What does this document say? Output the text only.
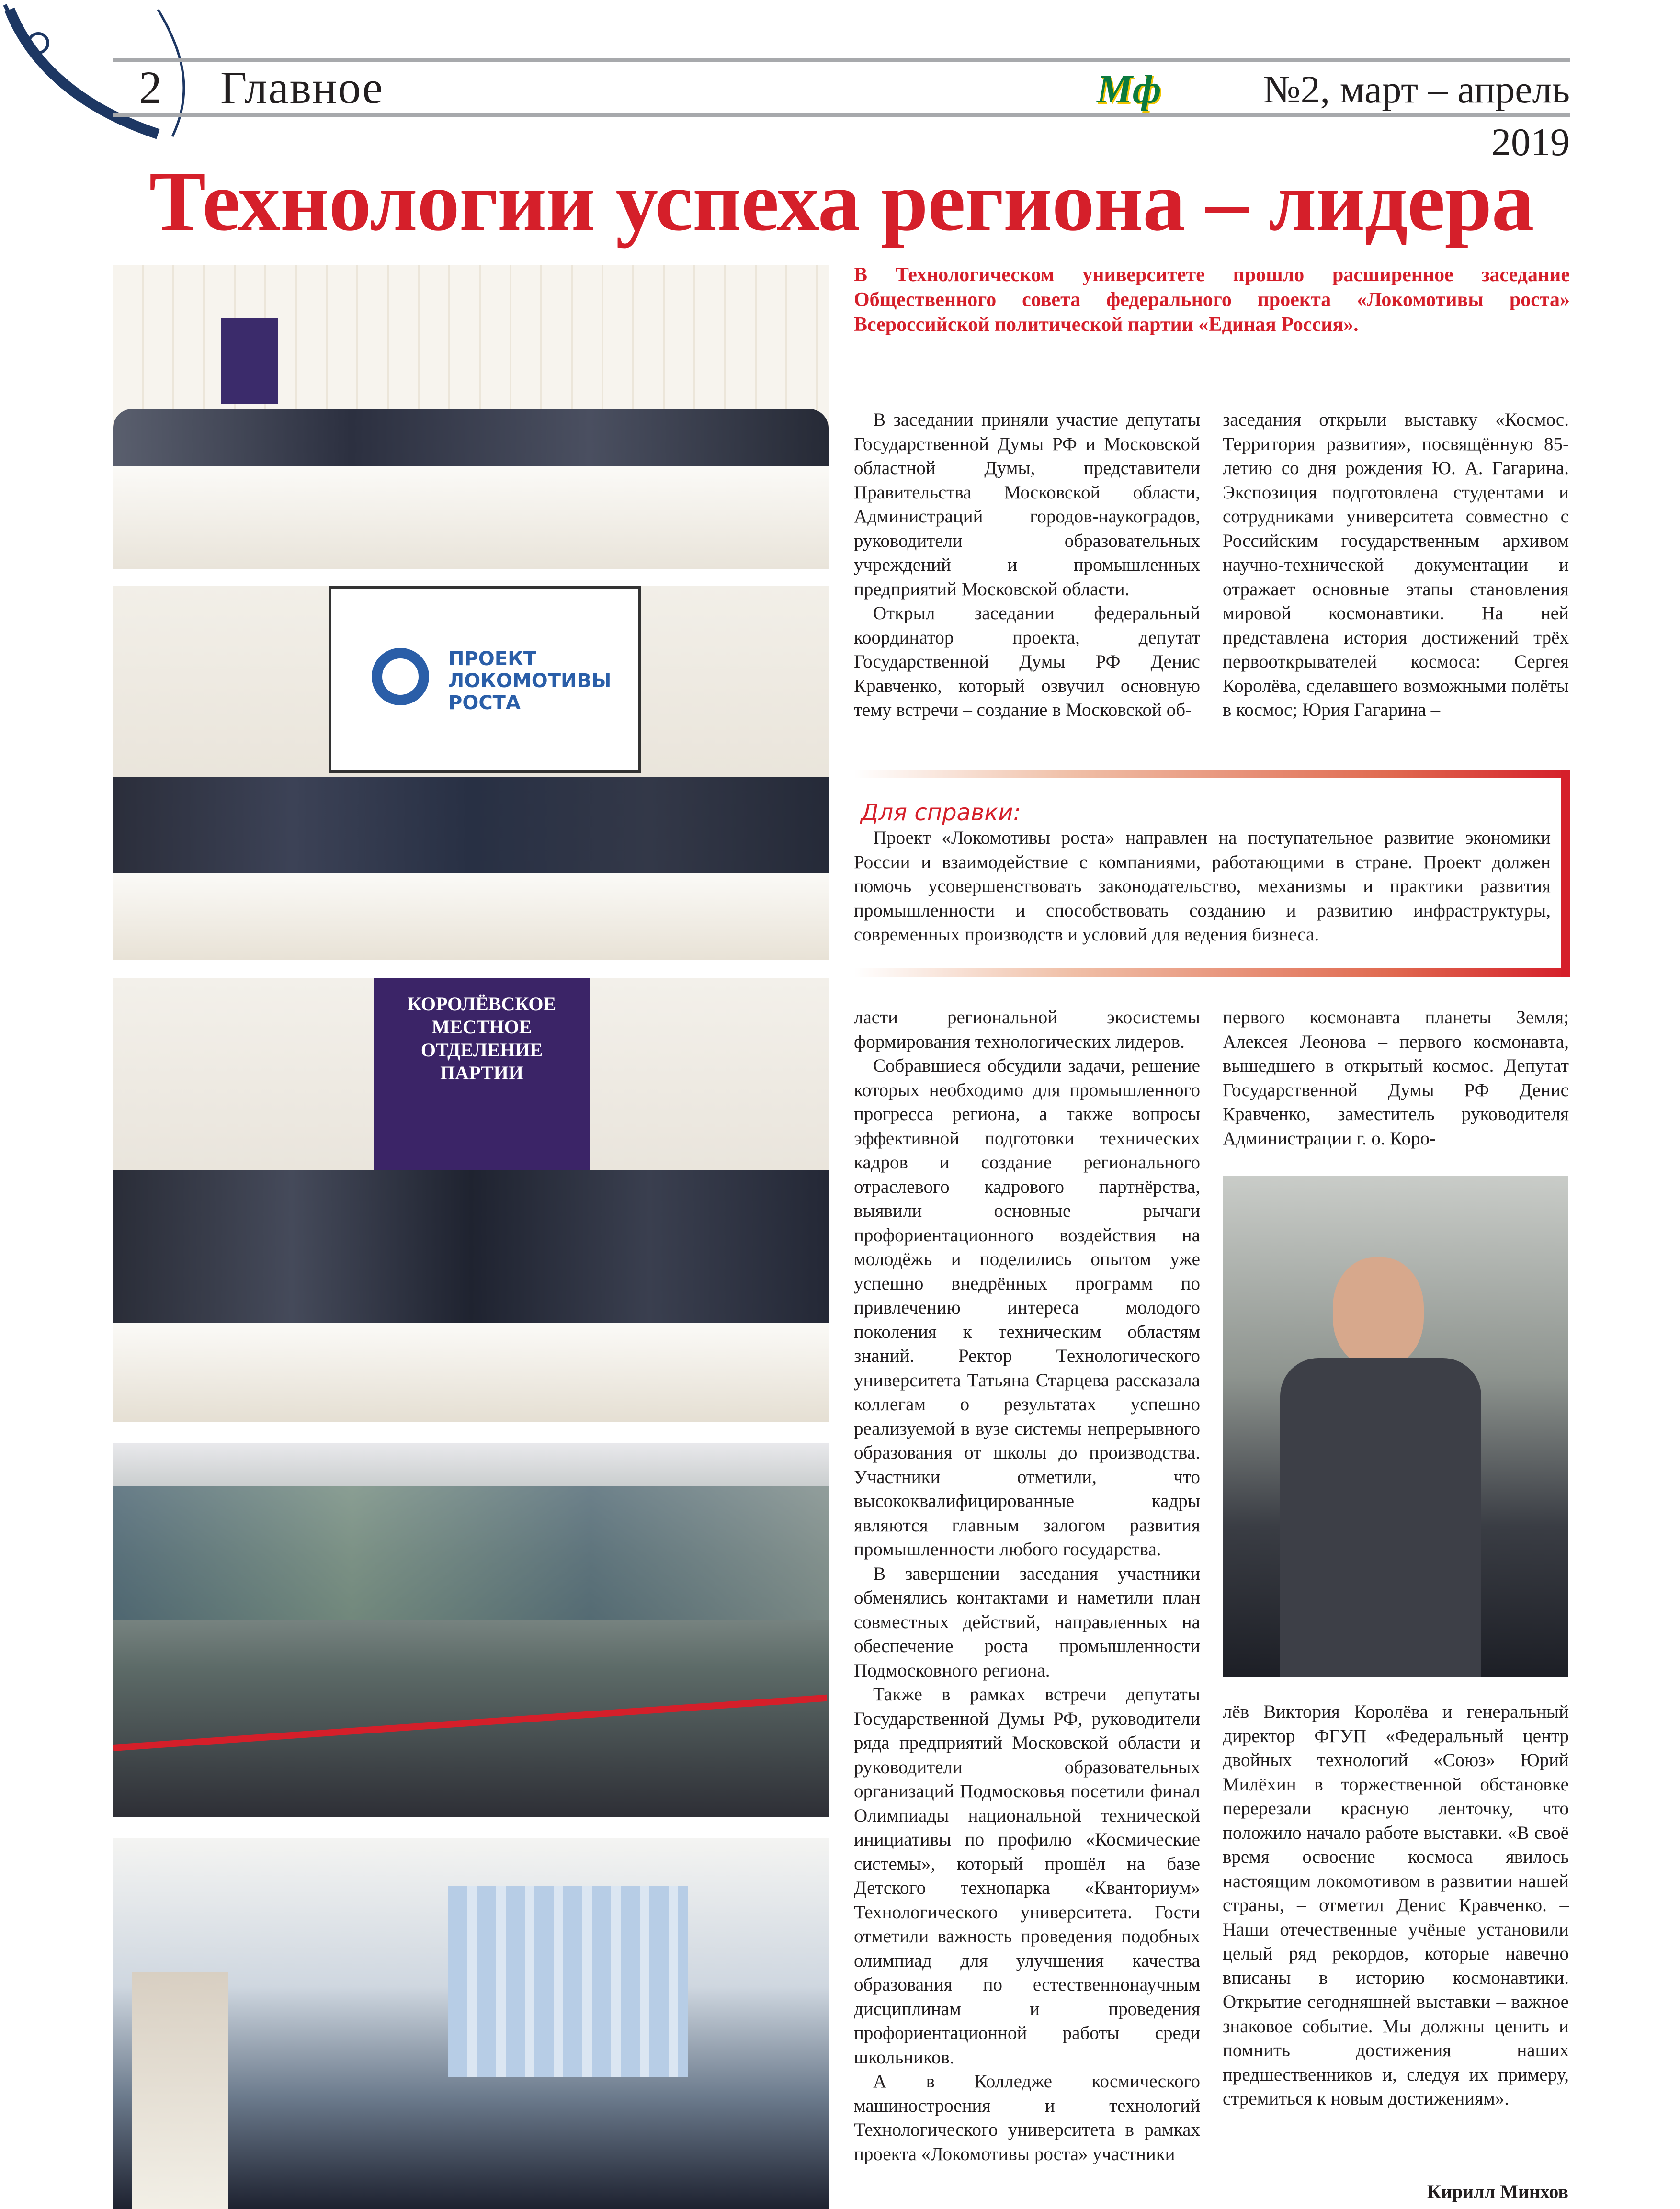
2 Главное	Мф	№2, март – апрель 2019
Технологии успеха региона – лидера
В Технологическом университете прошло расширенное заседание Общественного совета федерального проекта «Локомотивы роста» Всероссийской политической партии «Единая Россия».
ПРОЕКТ ЛОКОМОТИВЫ РОСТА
КОРОЛЁВСКОЕ МЕСТНОЕ ОТДЕЛЕНИЕ ПАРТИИ

В заседании приняли участие депутаты Государственной Думы РФ и Московской областной Думы, представители Правительства Московской области, Администраций городов-наукоградов, руководители образовательных учреждений и промышленных предприятий Московской области.

Открыл заседании федеральный координатор проекта, депутат Государственной Думы РФ Денис Кравченко, который озвучил основную тему встречи – создание в Московской об-

заседания открыли выставку «Космос. Территория развития», посвящённую 85-летию со дня рождения Ю. А. Гагарина. Экспозиция подготовлена студентами и сотрудниками университета совместно с Российским государственным архивом научно-технической документации и отражает основные этапы становления мировой космонавтики. На ней представлена история достижений трёх первооткрывателей космоса: Сергея Королёва, сделавшего возможными полёты в космос; Юрия Гагарина –

Для справки:
Проект «Локомотивы роста» направлен на поступательное развитие экономики России и взаимодействие с компаниями, работающими в стране. Проект должен помочь усовершенствовать законодательство, механизмы и практики развития промышленности и способствовать созданию и развитию инфраструктуры, современных производств и условий для ведения бизнеса.

ласти региональной экосистемы формирования технологических лидеров.

Собравшиеся обсудили задачи, решение которых необходимо для промышленного прогресса региона, а также вопросы эффективной подготовки технических кадров и создание регионального отраслевого кадрового партнёрства, выявили основные рычаги профориентационного воздействия на молодёжь и поделились опытом уже успешно внедрённых программ по привлечению интереса молодого поколения к техническим областям знаний. Ректор Технологического университета Татьяна Старцева рассказала коллегам о результатах успешно реализуемой в вузе системы непрерывного образования от школы до производства. Участники отметили, что высококвалифицированные кадры являются главным залогом развития промышленности любого государства.

В завершении заседания участники обменялись контактами и наметили план совместных действий, направленных на обеспечение роста промышленности Подмосковного региона.

Также в рамках встречи депутаты Государственной Думы РФ, руководители ряда предприятий Московской области и руководители образовательных организаций Подмосковья посетили финал Олимпиады национальной технической инициативы по профилю «Космические системы», который прошёл на базе Детского технопарка «Кванториум» Технологического университета. Гости отметили важность проведения подобных олимпиад для улучшения качества образования по естественнонаучным дисциплинам и проведения профориентационной работы среди школьников.

А в Колледже космического машиностроения и технологий Технологического университета в рамках проекта «Локомотивы роста» участники

первого космонавта планеты Земля; Алексея Леонова – первого космонавта, вышедшего в открытый космос. Депутат Государственной Думы РФ Денис Кравченко, заместитель руководителя Администрации г. о. Коро-

лёв Виктория Королёва и генеральный директор ФГУП «Федеральный центр двойных технологий «Союз» Юрий Милёхин в торжественной обстановке перерезали красную ленточку, что положило начало работе выставки. «В своё время освоение космоса явилось настоящим локомотивом в развитии нашей страны, – отметил Денис Кравченко. – Наши отечественные учёные установили целый ряд рекордов, которые навечно вписаны в историю космонавтики. Открытие сегодняшней выставки – важное знаковое событие. Мы должны ценить и помнить достижения наших предшественников и, следуя их примеру, стремиться к новым достижениям».

Кирилл Минхов
